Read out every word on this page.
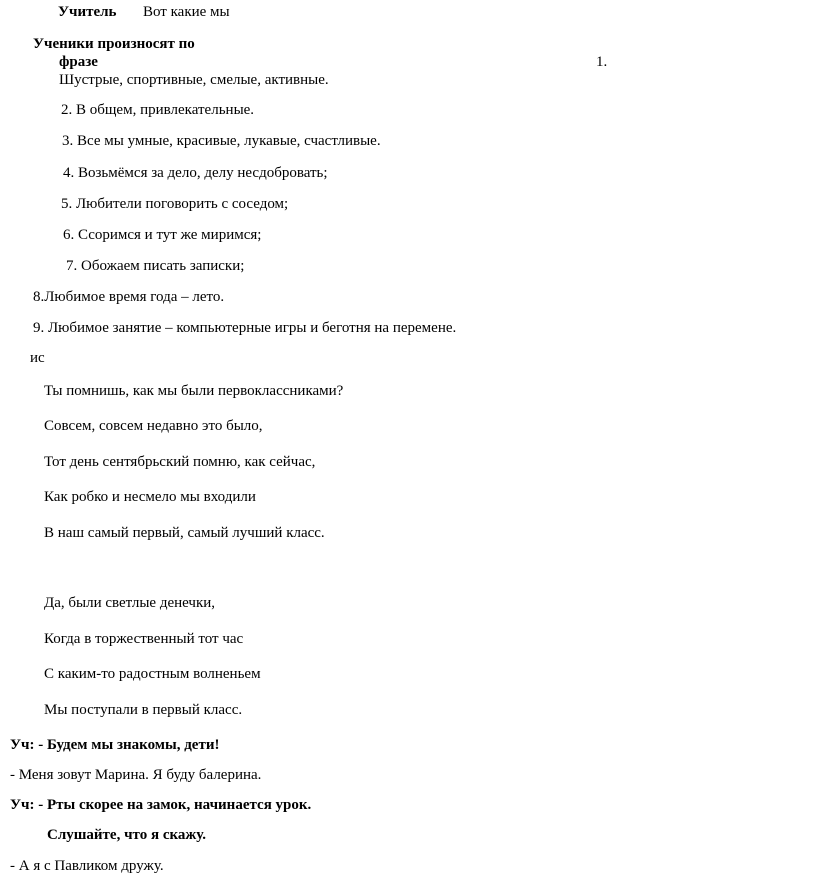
Учитель Вот какие мы
Ученики произносят по
фразе	1.
Шустрые, спортивные, смелые, активные.
2. В общем, привлекательные.
3. Все мы умные, красивые, лукавые, счастливые.
4. Возьмёмся за дело, делу несдобровать;
5. Любители поговорить с соседом;
6. Ссоримся и тут же миримся;
7. Обожаем писать записки;
8.Любимое время года – лето.
9. Любимое занятие – компьютерные игры и беготня на перемене.
ис
Ты помнишь, как мы были первоклассниками?
Совсем, совсем недавно это было,
Тот день сентябрьский помню, как сейчас,
Как робко и несмело мы входили
В наш самый первый, самый лучший класс.
Да, были светлые денечки,
Когда в торжественный тот час
С каким-то радостным волненьем
Мы поступали в первый класс.
Уч: - Будем мы знакомы, дети!
- Меня зовут Марина. Я буду балерина.
Уч: - Рты скорее на замок, начинается урок.
Слушайте, что я скажу.
- А я с Павликом дружу.
